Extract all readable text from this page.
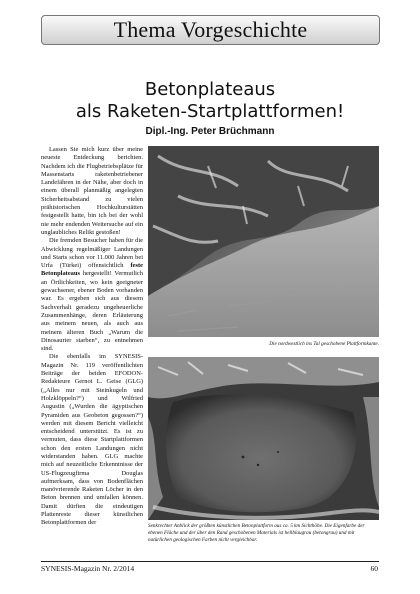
Thema Vorgeschichte
Betonplateaus
als Raketen-Startplattformen!
Dipl.-Ing. Peter Brüchmann

Lassen Sie mich kurz über meine neueste Entdeckung berichten. Nachdem ich die Flugbetriebsplätze für Massenstarts raketenbetriebener Landefähren in der Nähe, aber doch in einem überall planmäßig angelegten Sicherheitsabstand zu vielen prähistorischen Hochkulturstätten festgestellt hatte, bin ich bei der wohl nie mehr endenden Weitersuche auf ein unglaubliches Relikt gestoßen!

Die fremden Besucher haben für die Abwicklung regelmäßiger Landungen und Starts schon vor 11.000 Jahren bei Urfa (Türkei) offensichtlich feste Betonplateaus hergestellt! Vermutlich an Örtlichkeiten, wo kein geeigneter gewachsener, ebener Boden vorhanden war. Es ergeben sich aus diesem Sachverhalt geradezu ungeheuerliche Zusammenhänge, deren Erläuterung aus meinem neuen, als auch aus meinem älteren Buch „Warum die Dinosaurier starben“, zu entnehmen sind.

Die ebenfalls im SYNESIS-Magazin Nr. 119 veröffentlichten Beiträge der beiden EFODON-Redakteure Gernot L. Geise (GLG) („Alles nur mit Steinkugeln und Holzklöppeln?“) und Wilfried Augustin („Wurden die ägyptischen Pyramiden aus Geobeton gegossen?“) werden mit diesem Bericht vielleicht entscheidend unterstützt. Es ist zu vermuten, dass diese Startplattformen schon den ersten Landungen nicht widerstanden haben. GLG machte mich auf neuzeitliche Erkenntnisse der US-Flugzeugfirma Douglas aufmerksam, dass von Bodenflächen manövrierende Raketen Löcher in den Beton brennen und umfallen können. Damit dürften die eindeutigen Plattenreste dieser künstlichen Betonplattformen der

Die nordwestlich ins Tal geschobene Plattformkante.
Senkrechter Anblick der größten künstlichen Betonplattform aus ca. 5 km Sichthöhe. Die Eigenfarbe der ebenen Fläche und der über den Rand geschobenen Materials ist hellblaugrau (betongrau) und mit natürlichen geologischen Farben nicht vergleichbar.
SYNESIS-Magazin Nr. 2/2014	60
